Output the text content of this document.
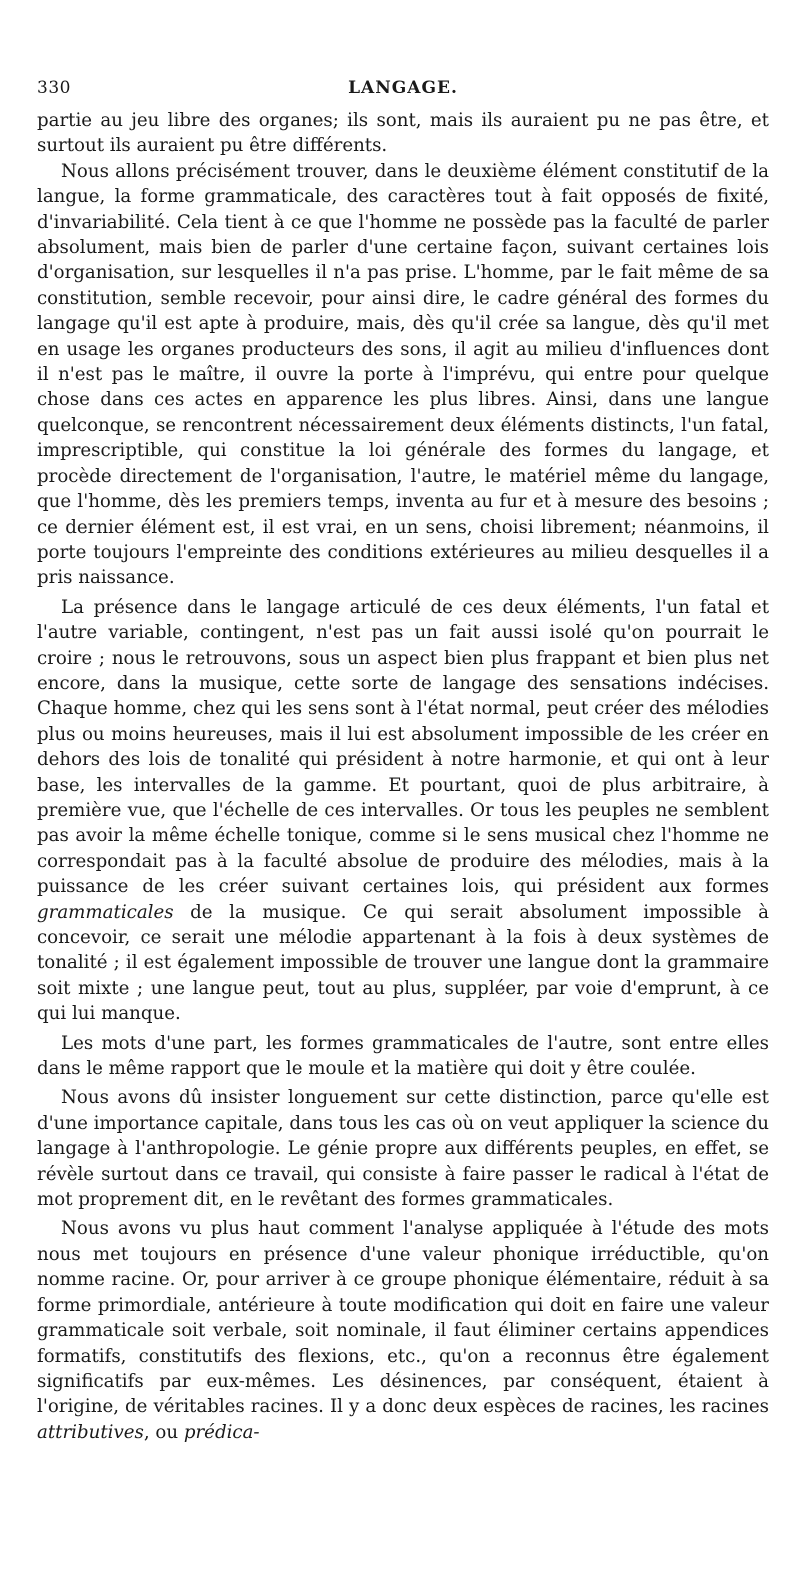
330	LANGAGE.

partie au jeu libre des organes; ils sont, mais ils auraient pu ne pas être, et surtout ils auraient pu être différents.

Nous allons précisément trouver, dans le deuxième élément constitutif de la langue, la forme grammaticale, des caractères tout à fait opposés de fixité, d'invariabilité. Cela tient à ce que l'homme ne possède pas la faculté de parler absolument, mais bien de parler d'une certaine façon, suivant certaines lois d'organisation, sur lesquelles il n'a pas prise. L'homme, par le fait même de sa constitution, semble recevoir, pour ainsi dire, le cadre général des formes du langage qu'il est apte à produire, mais, dès qu'il crée sa langue, dès qu'il met en usage les organes producteurs des sons, il agit au milieu d'influences dont il n'est pas le maître, il ouvre la porte à l'imprévu, qui entre pour quelque chose dans ces actes en apparence les plus libres. Ainsi, dans une langue quelconque, se rencontrent nécessairement deux éléments distincts, l'un fatal, imprescriptible, qui constitue la loi générale des formes du langage, et procède directement de l'organisation, l'autre, le matériel même du langage, que l'homme, dès les premiers temps, inventa au fur et à mesure des besoins ; ce dernier élément est, il est vrai, en un sens, choisi librement; néanmoins, il porte toujours l'empreinte des conditions extérieures au milieu desquelles il a pris naissance.

La présence dans le langage articulé de ces deux éléments, l'un fatal et l'autre variable, contingent, n'est pas un fait aussi isolé qu'on pourrait le croire ; nous le retrouvons, sous un aspect bien plus frappant et bien plus net encore, dans la musique, cette sorte de langage des sensations indécises. Chaque homme, chez qui les sens sont à l'état normal, peut créer des mélodies plus ou moins heureuses, mais il lui est absolument impossible de les créer en dehors des lois de tonalité qui président à notre harmonie, et qui ont à leur base, les intervalles de la gamme. Et pourtant, quoi de plus arbitraire, à première vue, que l'échelle de ces intervalles. Or tous les peuples ne semblent pas avoir la même échelle tonique, comme si le sens musical chez l'homme ne correspondait pas à la faculté absolue de produire des mélodies, mais à la puissance de les créer suivant certaines lois, qui président aux formes grammaticales de la musique. Ce qui serait absolument impossible à concevoir, ce serait une mélodie appartenant à la fois à deux systèmes de tonalité ; il est également impossible de trouver une langue dont la grammaire soit mixte ; une langue peut, tout au plus, suppléer, par voie d'emprunt, à ce qui lui manque.

Les mots d'une part, les formes grammaticales de l'autre, sont entre elles dans le même rapport que le moule et la matière qui doit y être coulée.

Nous avons dû insister longuement sur cette distinction, parce qu'elle est d'une importance capitale, dans tous les cas où on veut appliquer la science du langage à l'anthropologie. Le génie propre aux différents peuples, en effet, se révèle surtout dans ce travail, qui consiste à faire passer le radical à l'état de mot proprement dit, en le revêtant des formes grammaticales.

Nous avons vu plus haut comment l'analyse appliquée à l'étude des mots nous met toujours en présence d'une valeur phonique irréductible, qu'on nomme racine. Or, pour arriver à ce groupe phonique élémentaire, réduit à sa forme primordiale, antérieure à toute modification qui doit en faire une valeur grammaticale soit verbale, soit nominale, il faut éliminer certains appendices formatifs, constitutifs des flexions, etc., qu'on a reconnus être également significatifs par eux-mêmes. Les désinences, par conséquent, étaient à l'origine, de véritables racines. Il y a donc deux espèces de racines, les racines attributives, ou prédica-
